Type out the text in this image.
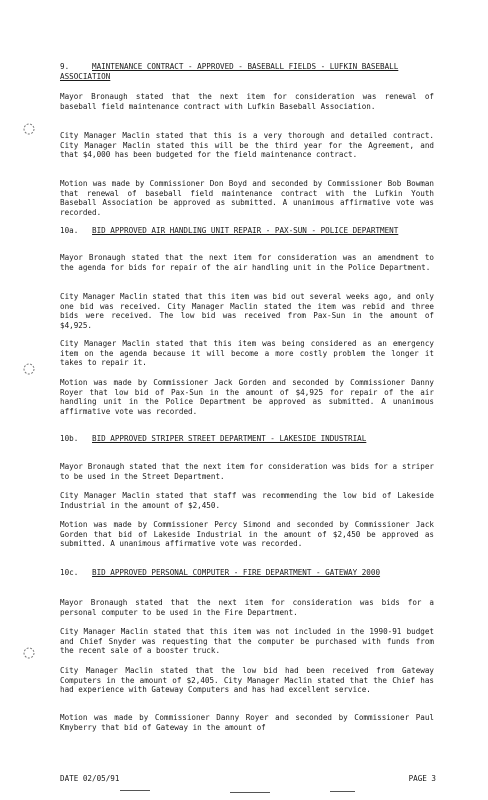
9.	MAINTENANCE CONTRACT - APPROVED - BASEBALL FIELDS - LUFKIN BASEBALL ASSOCIATION
Mayor Bronaugh stated that the next item for consideration was renewal of baseball field maintenance contract with Lufkin Baseball Association.
City Manager Maclin stated that this is a very thorough and detailed contract. City Manager Maclin stated this will be the third year for the Agreement, and that $4,000 has been budgeted for the field maintenance contract.
Motion was made by Commissioner Don Boyd and seconded by Commissioner Bob Bowman that renewal of baseball field maintenance contract with the Lufkin Youth Baseball Association be approved as submitted. A unanimous affirmative vote was recorded.
10a. BID APPROVED AIR HANDLING UNIT REPAIR - PAX-SUN - POLICE DEPARTMENT
Mayor Bronaugh stated that the next item for consideration was an amendment to the agenda for bids for repair of the air handling unit in the Police Department.
City Manager Maclin stated that this item was bid out several weeks ago, and only one bid was received. City Manager Maclin stated the item was rebid and three bids were received. The low bid was received from Pax-Sun in the amount of $4,925.
City Manager Maclin stated that this item was being considered as an emergency item on the agenda because it will become a more costly problem the longer it takes to repair it.
Motion was made by Commissioner Jack Gorden and seconded by Commissioner Danny Royer that low bid of Pax-Sun in the amount of $4,925 for repair of the air handling unit in the Police Department be approved as submitted. A unanimous affirmative vote was recorded.
10b. BID APPROVED STRIPER STREET DEPARTMENT - LAKESIDE INDUSTRIAL
Mayor Bronaugh stated that the next item for consideration was bids for a striper to be used in the Street Department.
City Manager Maclin stated that staff was recommending the low bid of Lakeside Industrial in the amount of $2,450.
Motion was made by Commissioner Percy Simond and seconded by Commissioner Jack Gorden that bid of Lakeside Industrial in the amount of $2,450 be approved as submitted. A unanimous affirmative vote was recorded.
10c. BID APPROVED PERSONAL COMPUTER - FIRE DEPARTMENT - GATEWAY 2000
Mayor Bronaugh stated that the next item for consideration was bids for a personal computer to be used in the Fire Department.
City Manager Maclin stated that this item was not included in the 1990-91 budget and Chief Snyder was requesting that the computer be purchased with funds from the recent sale of a booster truck.
City Manager Maclin stated that the low bid had been received from Gateway Computers in the amount of $2,405. City Manager Maclin stated that the Chief has had experience with Gateway Computers and has had excellent service.
Motion was made by Commissioner Danny Royer and seconded by Commissioner Paul Kmyberry that bid of Gateway in the amount of
DATE 02/05/91	PAGE 3
